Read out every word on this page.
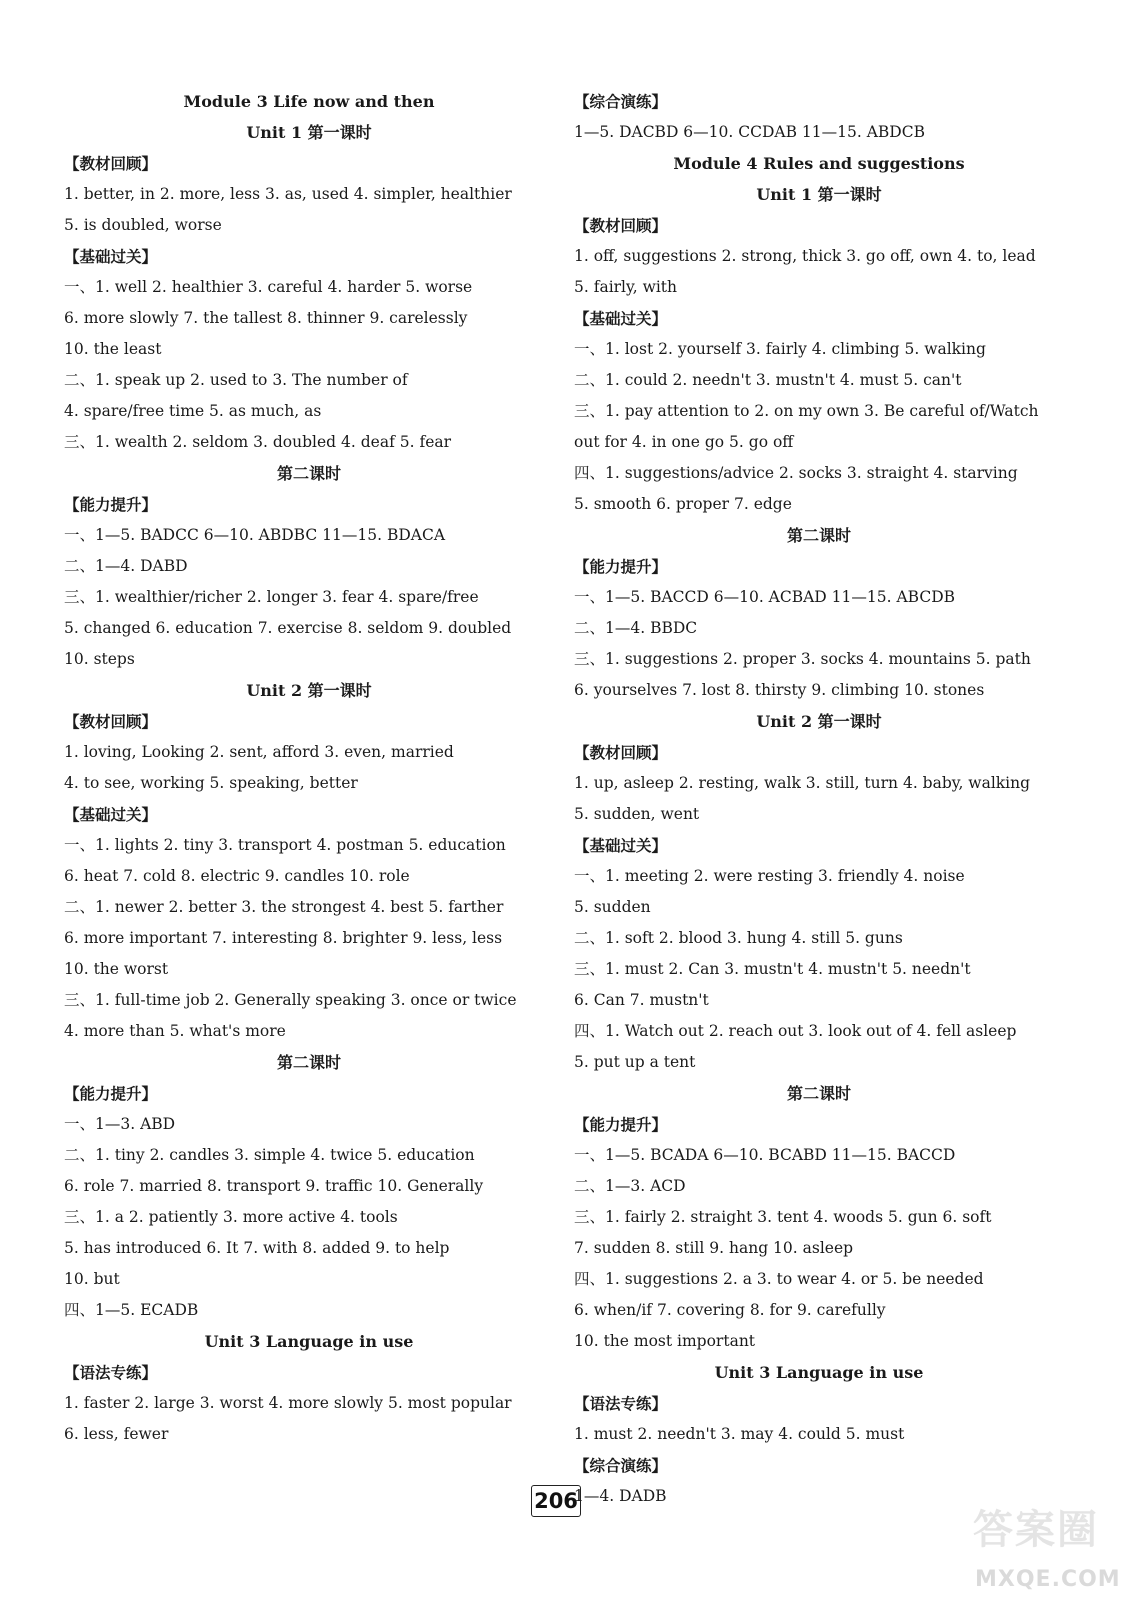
Module 3 Life now and then
Unit 1 第一课时
【教材回顾】
1. better, in 2. more, less 3. as, used 4. simpler, healthier
5. is doubled, worse
【基础过关】
一、1. well 2. healthier 3. careful 4. harder 5. worse
6. more slowly 7. the tallest 8. thinner 9. carelessly
10. the least
二、1. speak up 2. used to 3. The number of
4. spare/free time 5. as much, as
三、1. wealth 2. seldom 3. doubled 4. deaf 5. fear
第二课时
【能力提升】
一、1—5. BADCC 6—10. ABDBC 11—15. BDACA
二、1—4. DABD
三、1. wealthier/richer 2. longer 3. fear 4. spare/free
5. changed 6. education 7. exercise 8. seldom 9. doubled
10. steps
Unit 2 第一课时
【教材回顾】
1. loving, Looking 2. sent, afford 3. even, married
4. to see, working 5. speaking, better
【基础过关】
一、1. lights 2. tiny 3. transport 4. postman 5. education
6. heat 7. cold 8. electric 9. candles 10. role
二、1. newer 2. better 3. the strongest 4. best 5. farther
6. more important 7. interesting 8. brighter 9. less, less
10. the worst
三、1. full-time job 2. Generally speaking 3. once or twice
4. more than 5. what's more
第二课时
【能力提升】
一、1—3. ABD
二、1. tiny 2. candles 3. simple 4. twice 5. education
6. role 7. married 8. transport 9. traffic 10. Generally
三、1. a 2. patiently 3. more active 4. tools
5. has introduced 6. It 7. with 8. added 9. to help
10. but
四、1—5. ECADB
Unit 3 Language in use
【语法专练】
1. faster 2. large 3. worst 4. more slowly 5. most popular
6. less, fewer
【综合演练】
1—5. DACBD 6—10. CCDAB 11—15. ABDCB
Module 4 Rules and suggestions
Unit 1 第一课时
【教材回顾】
1. off, suggestions 2. strong, thick 3. go off, own 4. to, lead
5. fairly, with
【基础过关】
一、1. lost 2. yourself 3. fairly 4. climbing 5. walking
二、1. could 2. needn't 3. mustn't 4. must 5. can't
三、1. pay attention to 2. on my own 3. Be careful of/Watch
out for 4. in one go 5. go off
四、1. suggestions/advice 2. socks 3. straight 4. starving
5. smooth 6. proper 7. edge
第二课时
【能力提升】
一、1—5. BACCD 6—10. ACBAD 11—15. ABCDB
二、1—4. BBDC
三、1. suggestions 2. proper 3. socks 4. mountains 5. path
6. yourselves 7. lost 8. thirsty 9. climbing 10. stones
Unit 2 第一课时
【教材回顾】
1. up, asleep 2. resting, walk 3. still, turn 4. baby, walking
5. sudden, went
【基础过关】
一、1. meeting 2. were resting 3. friendly 4. noise
5. sudden
二、1. soft 2. blood 3. hung 4. still 5. guns
三、1. must 2. Can 3. mustn't 4. mustn't 5. needn't
6. Can 7. mustn't
四、1. Watch out 2. reach out 3. look out of 4. fell asleep
5. put up a tent
第二课时
【能力提升】
一、1—5. BCADA 6—10. BCABD 11—15. BACCD
二、1—3. ACD
三、1. fairly 2. straight 3. tent 4. woods 5. gun 6. soft
7. sudden 8. still 9. hang 10. asleep
四、1. suggestions 2. a 3. to wear 4. or 5. be needed
6. when/if 7. covering 8. for 9. carefully
10. the most important
Unit 3 Language in use
【语法专练】
1. must 2. needn't 3. may 4. could 5. must
【综合演练】
1—4. DADB
206
答案圈
MXQE.COM
